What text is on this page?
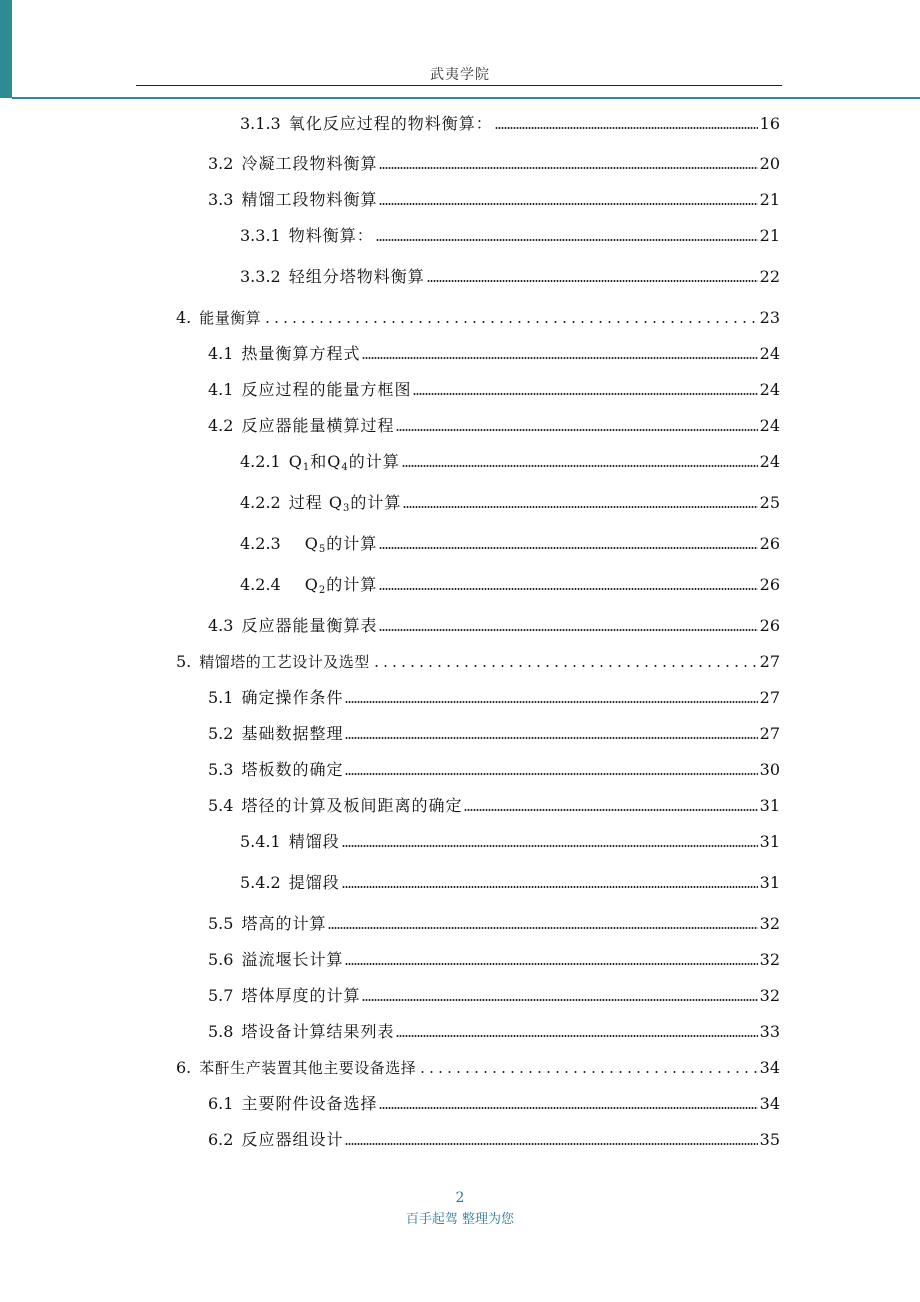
武夷学院
3.1.3 氧化反应过程的物料衡算：	16
3.2 冷凝工段物料衡算	20
3.3 精馏工段物料衡算	21
3.3.1 物料衡算：	21
3.3.2 轻组分塔物料衡算	22
4. 能量衡算	23
4.1 热量衡算方程式	24
4.1 反应过程的能量方框图	24
4.2 反应器能量横算过程	24
4.2.1 $Q_1$和$Q_4$的计算	24
4.2.2 过程 $Q_3$的计算	25
4.2.3 $Q_5$的计算	26
4.2.4 $Q_2$的计算	26
4.3 反应器能量衡算表	26
5. 精馏塔的工艺设计及选型	27
5.1 确定操作条件	27
5.2 基础数据整理	27
5.3 塔板数的确定	30
5.4 塔径的计算及板间距离的确定	31
5.4.1 精馏段	31
5.4.2 提馏段	31
5.5 塔高的计算	32
5.6 溢流堰长计算	32
5.7 塔体厚度的计算	32
5.8 塔设备计算结果列表	33
6. 苯酐生产装置其他主要设备选择	34
6.1 主要附件设备选择	34
6.2 反应器组设计	35
2
百手起驾 整理为您
